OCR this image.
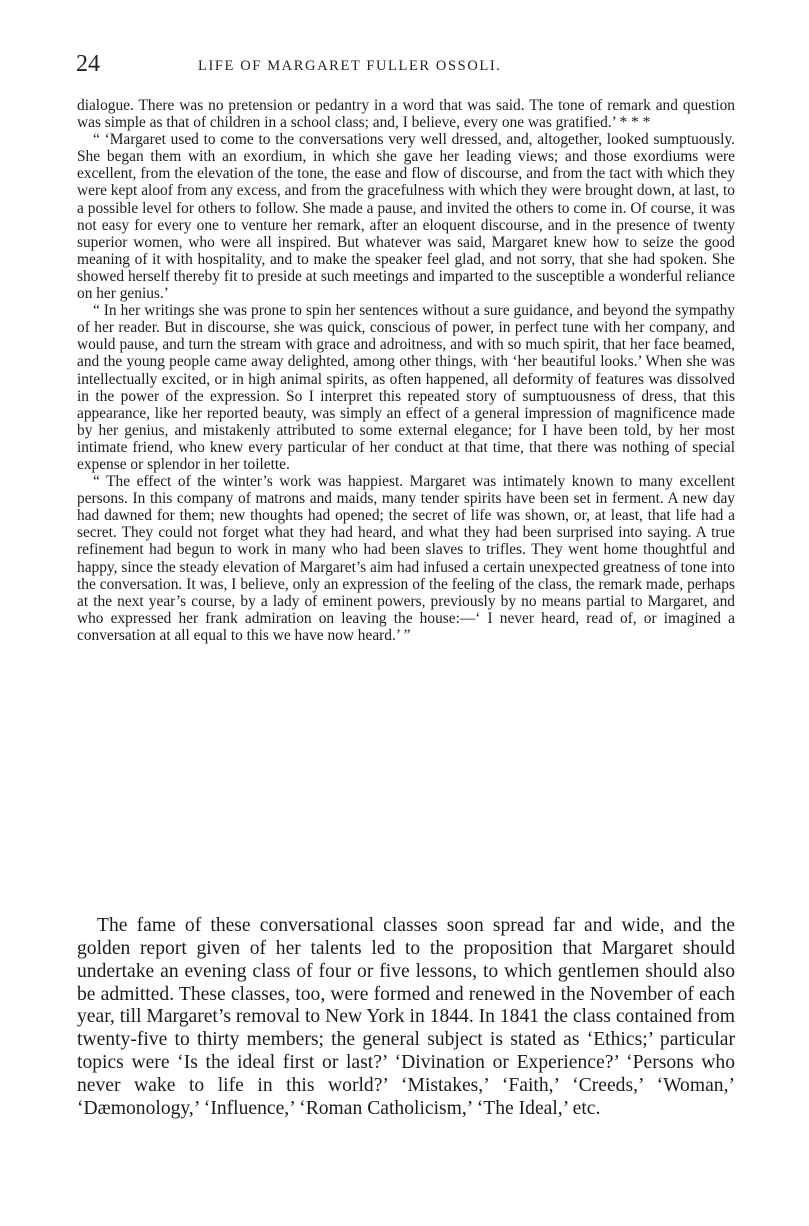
24	LIFE OF MARGARET FULLER OSSOLI.

dialogue. There was no pretension or pedantry in a word that was said. The tone of remark and question was simple as that of children in a school class; and, I believe, every one was gratified.’ * * *

“ ‘Margaret used to come to the conversations very well dressed, and, altogether, looked sumptuously. She began them with an exordium, in which she gave her leading views; and those exordiums were excellent, from the elevation of the tone, the ease and flow of discourse, and from the tact with which they were kept aloof from any excess, and from the gracefulness with which they were brought down, at last, to a possible level for others to follow. She made a pause, and invited the others to come in. Of course, it was not easy for every one to venture her remark, after an eloquent discourse, and in the presence of twenty superior women, who were all inspired. But whatever was said, Margaret knew how to seize the good meaning of it with hospitality, and to make the speaker feel glad, and not sorry, that she had spoken. She showed herself thereby fit to preside at such meetings and imparted to the susceptible a wonderful reliance on her genius.’

“ In her writings she was prone to spin her sentences without a sure guidance, and beyond the sympathy of her reader. But in discourse, she was quick, conscious of power, in perfect tune with her company, and would pause, and turn the stream with grace and adroitness, and with so much spirit, that her face beamed, and the young people came away delighted, among other things, with ‘her beautiful looks.’ When she was intellectually excited, or in high animal spirits, as often happened, all deformity of features was dissolved in the power of the expression. So I interpret this repeated story of sumptuousness of dress, that this appearance, like her reported beauty, was simply an effect of a general impression of magnificence made by her genius, and mistakenly attributed to some external elegance; for I have been told, by her most intimate friend, who knew every particular of her conduct at that time, that there was nothing of special expense or splendor in her toilette.

“ The effect of the winter’s work was happiest. Margaret was intimately known to many excellent persons. In this company of matrons and maids, many tender spirits have been set in ferment. A new day had dawned for them; new thoughts had opened; the secret of life was shown, or, at least, that life had a secret. They could not forget what they had heard, and what they had been surprised into saying. A true refinement had begun to work in many who had been slaves to trifles. They went home thoughtful and happy, since the steady elevation of Margaret’s aim had infused a certain unexpected greatness of tone into the conversation. It was, I believe, only an expression of the feeling of the class, the remark made, perhaps at the next year’s course, by a lady of eminent powers, previously by no means partial to Margaret, and who expressed her frank admiration on leaving the house:—‘ I never heard, read of, or imagined a conversation at all equal to this we have now heard.’ ”

The fame of these conversational classes soon spread far and wide, and the golden report given of her talents led to the proposition that Margaret should undertake an evening class of four or five lessons, to which gentlemen should also be admitted. These classes, too, were formed and renewed in the November of each year, till Margaret’s removal to New York in 1844. In 1841 the class contained from twenty-five to thirty members; the general subject is stated as ‘Ethics;’ particular topics were ‘Is the ideal first or last?’ ‘Divination or Experience?’ ‘Persons who never wake to life in this world?’ ‘Mistakes,’ ‘Faith,’ ‘Creeds,’ ‘Woman,’ ‘Dæmonology,’ ‘Influence,’ ‘Roman Catholicism,’ ‘The Ideal,’ etc.
